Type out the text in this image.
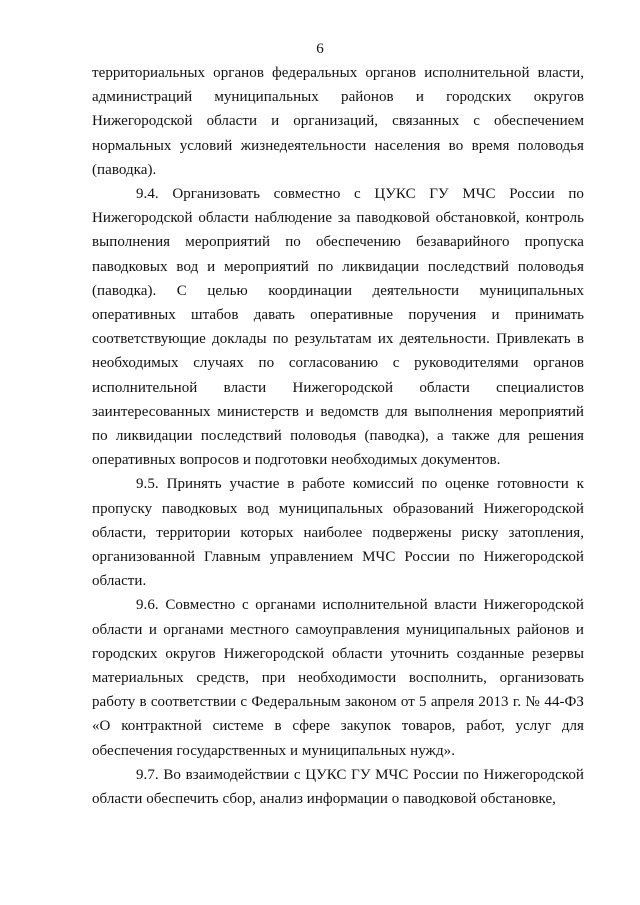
6

территориальных органов федеральных органов исполнительной власти, администраций муниципальных районов и городских округов Нижегородской области и организаций, связанных с обеспечением нормальных условий жизнедеятельности населения во время половодья (паводка).

9.4. Организовать совместно с ЦУКС ГУ МЧС России по Нижегородской области наблюдение за паводковой обстановкой, контроль выполнения мероприятий по обеспечению безаварийного пропуска паводковых вод и мероприятий по ликвидации последствий половодья (паводка). С целью координации деятельности муниципальных оперативных штабов давать оперативные поручения и принимать соответствующие доклады по результатам их деятельности. Привлекать в необходимых случаях по согласованию с руководителями органов исполнительной власти Нижегородской области специалистов заинтересованных министерств и ведомств для выполнения мероприятий по ликвидации последствий половодья (паводка), а также для решения оперативных вопросов и подготовки необходимых документов.

9.5. Принять участие в работе комиссий по оценке готовности к пропуску паводковых вод муниципальных образований Нижегородской области, территории которых наиболее подвержены риску затопления, организованной Главным управлением МЧС России по Нижегородской области.

9.6. Совместно с органами исполнительной власти Нижегородской области и органами местного самоуправления муниципальных районов и городских округов Нижегородской области уточнить созданные резервы материальных средств, при необходимости восполнить, организовать работу в соответствии с Федеральным законом от 5 апреля 2013 г. № 44-ФЗ «О контрактной системе в сфере закупок товаров, работ, услуг для обеспечения государственных и муниципальных нужд».

9.7. Во взаимодействии с ЦУКС ГУ МЧС России по Нижегородской области обеспечить сбор, анализ информации о паводковой обстановке,
